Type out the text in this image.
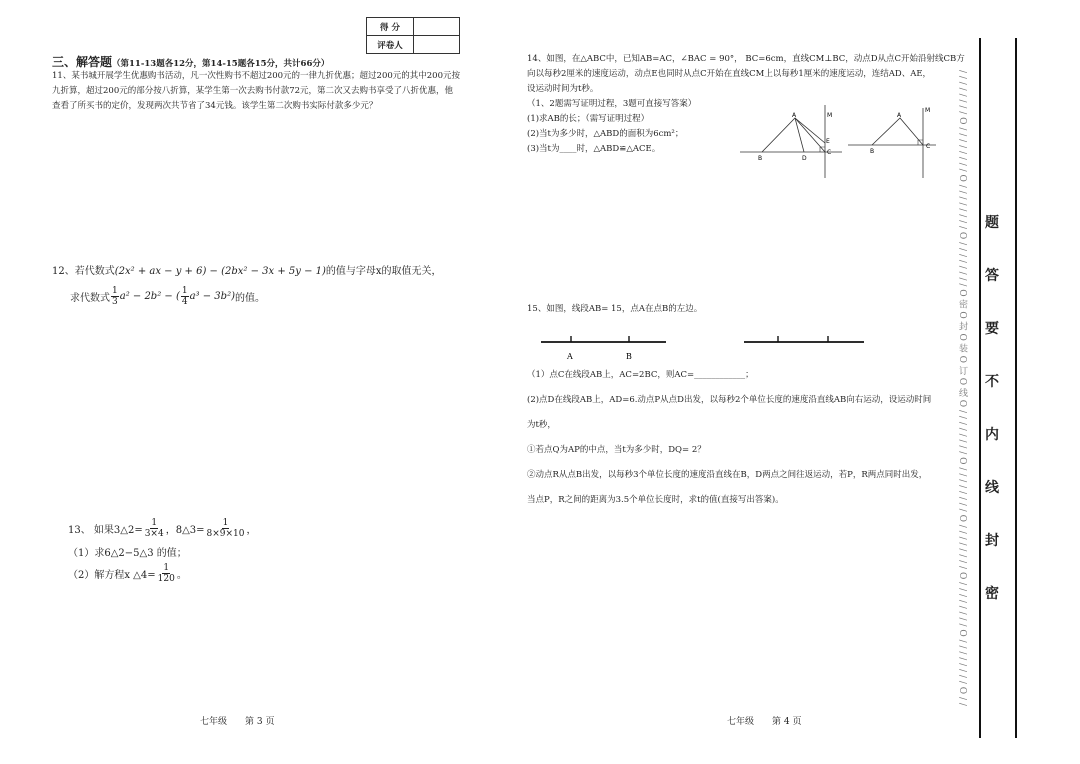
得 分	
评卷人	
三、解答题（第11-13题各12分，第14-15题各15分，共计66分）
11、某书城开展学生优惠购书活动，凡一次性购书不超过200元的一律九折优惠；超过200元的其中200元按
九折算，超过200元的部分按八折算，某学生第一次去购书付款72元，第二次又去购书享受了八折优惠，他
查看了所买书的定价，发现两次共节省了34元钱。该学生第二次购书实际付款多少元？
12、若代数式(2x² + ax − y + 6) − (2bx² − 3x + 5y − 1)的值与字母x的取值无关，
求代数式 $\frac{1}{3} a^2 - 2b^2$ − ( $\frac{1}{4} a^3 - 3b^2$) 的值。
13、 如果3△2= $\frac{1}{3\times 4}$ ，8△3= $\frac{1}{8\times 9\times 10}$ ，
（1）求6△2−5△3 的值；
（2）解方程x △4= $\frac{1}{120}$ 。
14、如图，在△ABC中，已知AB=AC，∠BAC = 90°， BC=6cm，直线CM⊥BC，动点D从点C开始沿射线CB方
向以每秒2厘米的速度运动，动点E也同时从点C开始在直线CM上以每秒1厘米的速度运动，连结AD、AE，
设运动时间为t秒。
（1、2题需写证明过程，3题可直接写答案）
(1)求AB的长；（需写证明过程）
(2)当t为多少时，△ABD的面积为6cm²；
(3)当t为____时，△ABD≌△ACE。
A	M
E
C
B	D
A
M
B
C
15、如图，线段AB= 15，点A在点B的左边。
A	B
（1）点C在线段AB上，AC=2BC，则AC=____________；
(2)点D在线段AB上，AD=6.动点P从点D出发，以每秒2个单位长度的速度沿直线AB向右运动，设运动时间
为t秒，
①若点Q为AP的中点，当t为多少时，DQ= 2？
②动点R从点B出发，以每秒3个单位长度的速度沿直线在B，D两点之间往返运动，若P，R两点同时出发，
当点P，R之间的距离为3.5个单位长度时，求t的值(直接写出答案)。
七年级　　第 3 页	七年级　　第 4 页
/ / / / / / / / O / / / / / / / / O / / / / / / / / O / / / / / / / / O 密 O 封 O 装 O 订 O 线 O / / / / / / / / O / / / / / / / / O / / / / / / / / O / / / / / / / / O / / / / / / / / O / / 题
答
要
不
内
线
封
密
